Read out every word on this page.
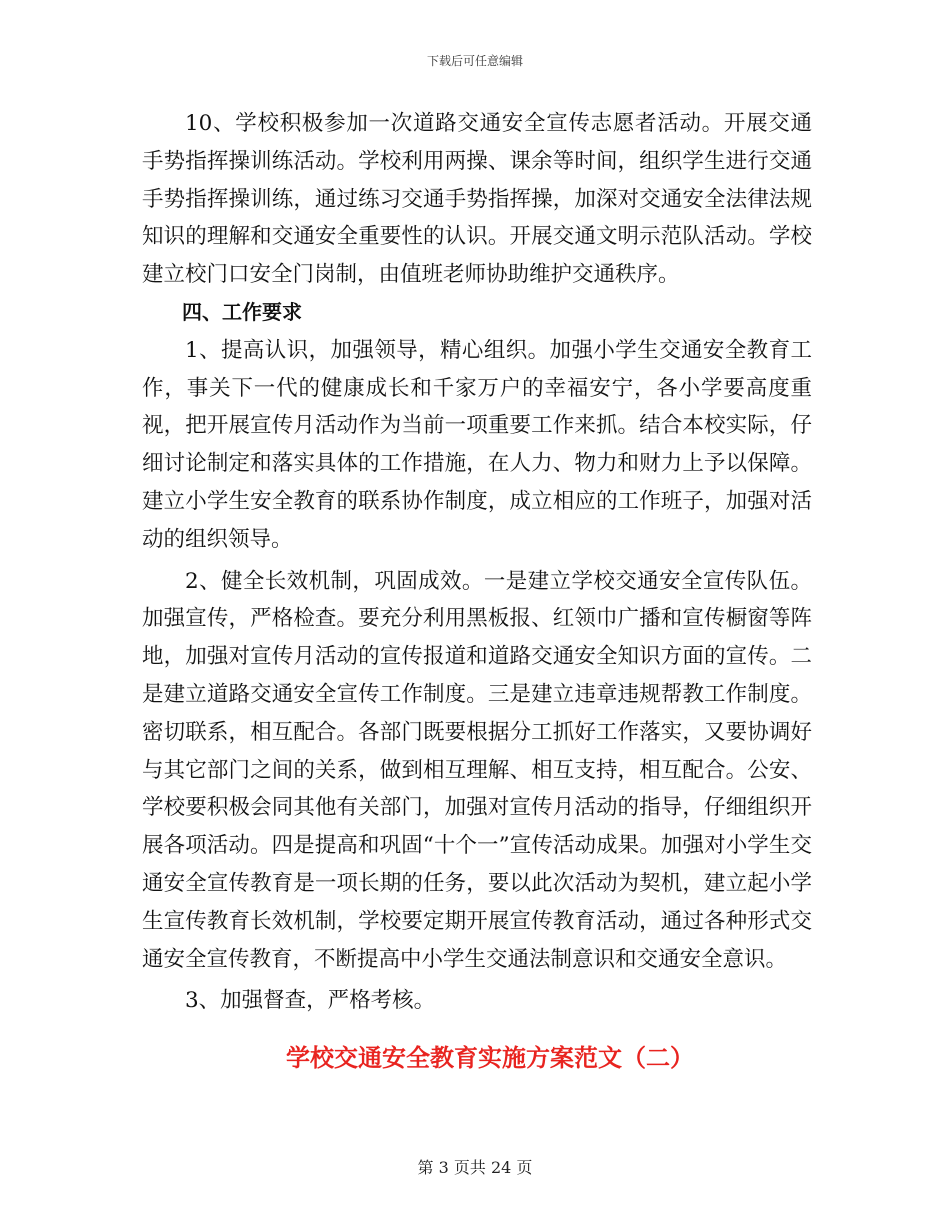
下载后可任意编辑

10、学校积极参加一次道路交通安全宣传志愿者活动。开展交通手势指挥操训练活动。学校利用两操、课余等时间，组织学生进行交通手势指挥操训练，通过练习交通手势指挥操，加深对交通安全法律法规知识的理解和交通安全重要性的认识。开展交通文明示范队活动。学校建立校门口安全门岗制，由值班老师协助维护交通秩序。

四、工作要求

1、提高认识，加强领导，精心组织。加强小学生交通安全教育工作，事关下一代的健康成长和千家万户的幸福安宁，各小学要高度重视，把开展宣传月活动作为当前一项重要工作来抓。结合本校实际，仔细讨论制定和落实具体的工作措施，在人力、物力和财力上予以保障。建立小学生安全教育的联系协作制度，成立相应的工作班子，加强对活动的组织领导。

2、健全长效机制，巩固成效。一是建立学校交通安全宣传队伍。加强宣传，严格检查。要充分利用黑板报、红领巾广播和宣传橱窗等阵地，加强对宣传月活动的宣传报道和道路交通安全知识方面的宣传。二是建立道路交通安全宣传工作制度。三是建立违章违规帮教工作制度。密切联系，相互配合。各部门既要根据分工抓好工作落实，又要协调好与其它部门之间的关系，做到相互理解、相互支持，相互配合。公安、学校要积极会同其他有关部门，加强对宣传月活动的指导，仔细组织开展各项活动。四是提高和巩固“十个一”宣传活动成果。加强对小学生交通安全宣传教育是一项长期的任务，要以此次活动为契机，建立起小学生宣传教育长效机制，学校要定期开展宣传教育活动，通过各种形式交通安全宣传教育，不断提高中小学生交通法制意识和交通安全意识。

3、加强督查，严格考核。

学校交通安全教育实施方案范文（二）
第 3 页共 24 页
